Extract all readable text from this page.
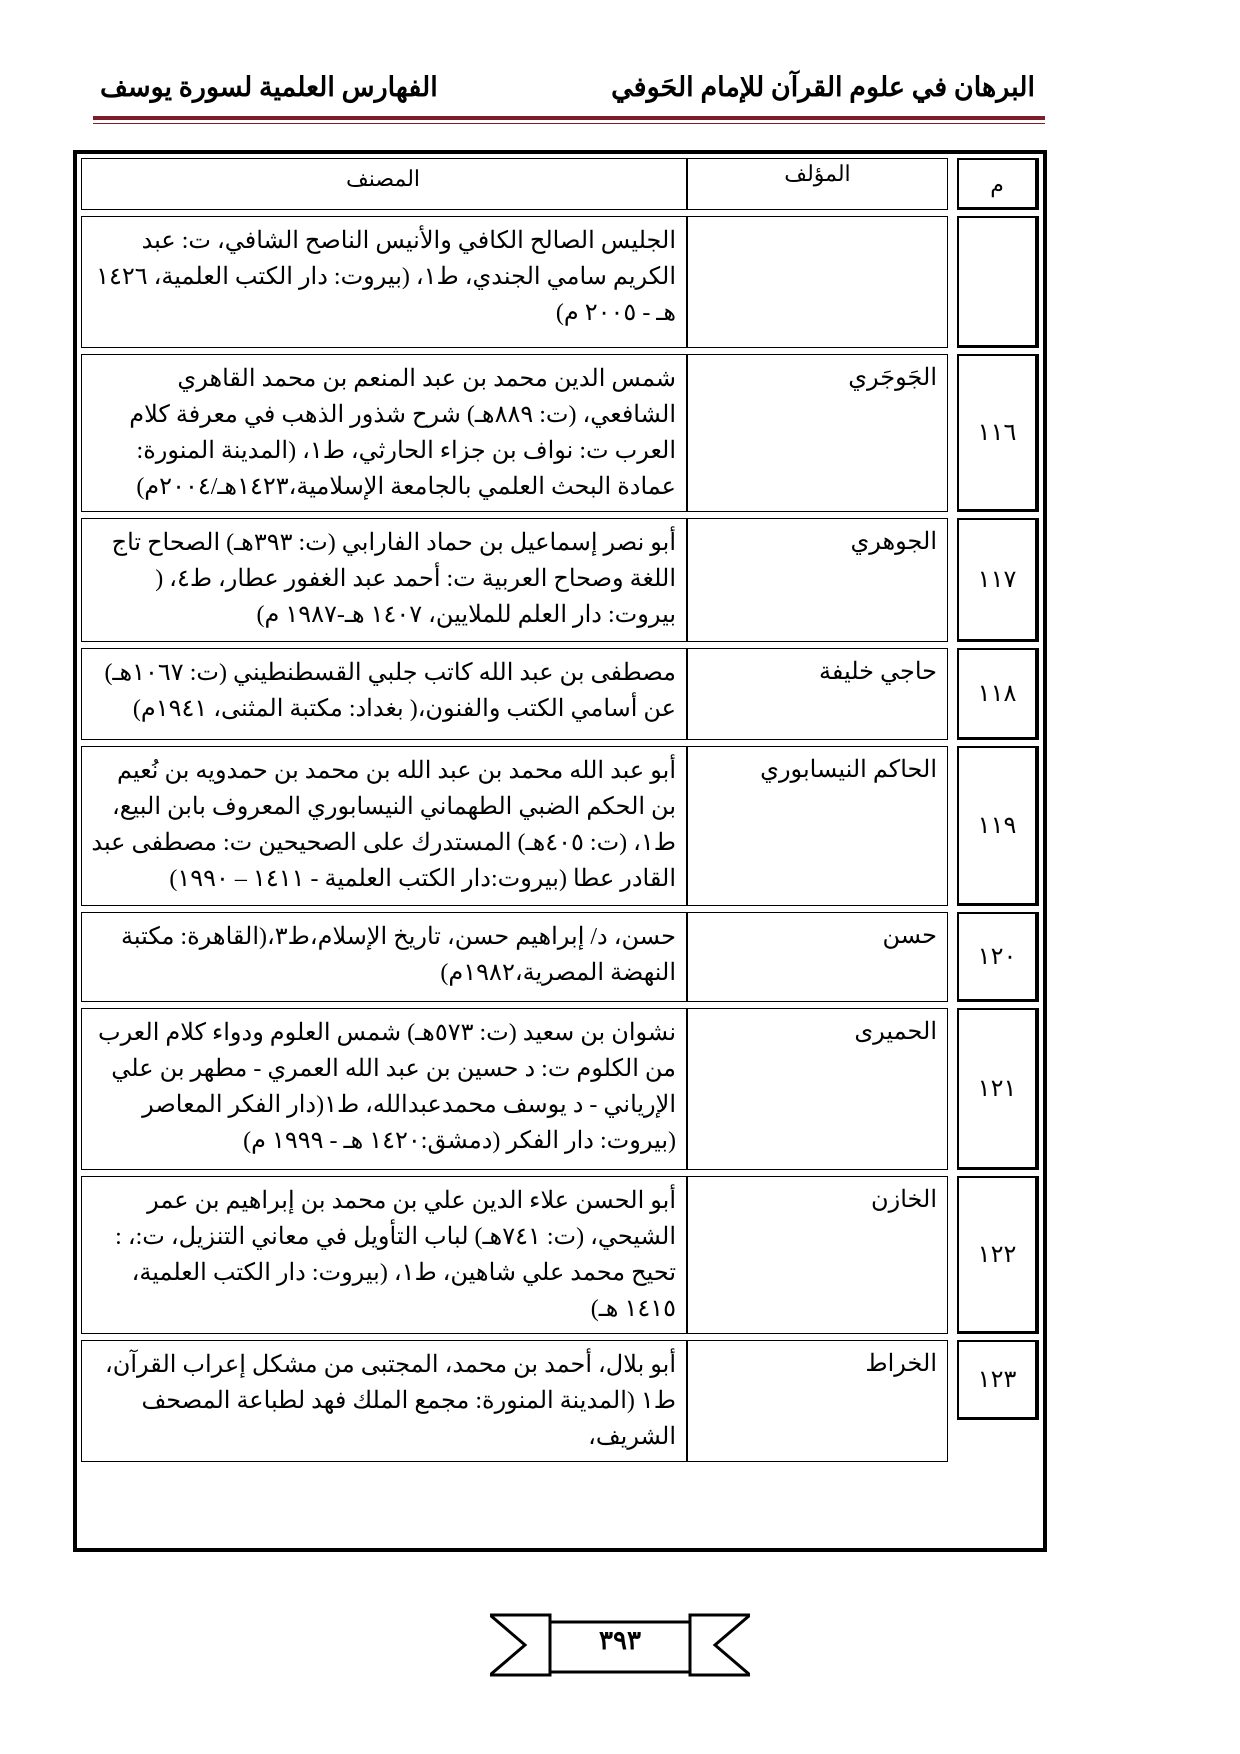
البرهان في علوم القرآن للإمام الحَوفي
الفهارس العلمية لسورة يوسف
م		المؤلف	المصنف

			الجليس الصالح الكافي والأنيس الناصح الشافي، ت: عبد الكريم سامي الجندي، ط١، (بيروت: دار الكتب العلمية، ١٤٢٦ هـ - ٢٠٠٥ م)

١١٦		الجَوجَري	شمس الدين محمد بن عبد المنعم بن محمد القاهري الشافعي، (ت: ٨٨٩هـ) شرح شذور الذهب في معرفة كلام العرب ت: نواف بن جزاء الحارثي، ط١، (المدينة المنورة: عمادة البحث العلمي بالجامعة الإسلامية،١٤٢٣هـ/٢٠٠٤م)

١١٧		الجوهري	أبو نصر إسماعيل بن حماد الفارابي (ت: ٣٩٣هـ) الصحاح تاج اللغة وصحاح العربية ت: أحمد عبد الغفور عطار، ط٤، ( بيروت: دار العلم للملايين، ١٤٠٧ هـ-١٩٨٧ م)

١١٨		حاجي خليفة	مصطفى بن عبد الله كاتب جلبي القسطنطيني (ت: ١٠٦٧هـ) عن أسامي الكتب والفنون،( بغداد: مكتبة المثنى، ١٩٤١م)

١١٩		الحاكم النيسابوري	أبو عبد الله محمد بن عبد الله بن محمد بن حمدويه بن نُعيم بن الحكم الضبي الطهماني النيسابوري المعروف بابن البيع، ط١، (ت: ٤٠٥هـ) المستدرك على الصحيحين ت: مصطفى عبد القادر عطا (بيروت:دار الكتب العلمية - ١٤١١ – ١٩٩٠)

١٢٠		حسن	حسن، د/ إبراهيم حسن، تاريخ الإسلام،ط٣،(القاهرة: مكتبة النهضة المصرية،١٩٨٢م)

١٢١		الحميرى	نشوان بن سعيد (ت: ٥٧٣هـ) شمس العلوم ودواء كلام العرب من الكلوم ت: د حسين بن عبد الله العمري - مطهر بن علي الإرياني - د يوسف محمدعبدالله، ط١(دار الفكر المعاصر (بيروت: دار الفكر (دمشق:١٤٢٠ هـ - ١٩٩٩ م)

١٢٢		الخازن	أبو الحسن علاء الدين علي بن محمد بن إبراهيم بن عمر الشيحي، (ت: ٧٤١هـ) لباب التأويل في معاني التنزيل، ت:، : تحيح محمد علي شاهين، ط١، (بيروت: دار الكتب العلمية، ١٤١٥ هـ)

١٢٣		الخراط	أبو بلال، أحمد بن محمد، المجتبى من مشكل إعراب القرآن، ط١ (المدينة المنورة: مجمع الملك فهد لطباعة المصحف الشريف،
٣٩٣
